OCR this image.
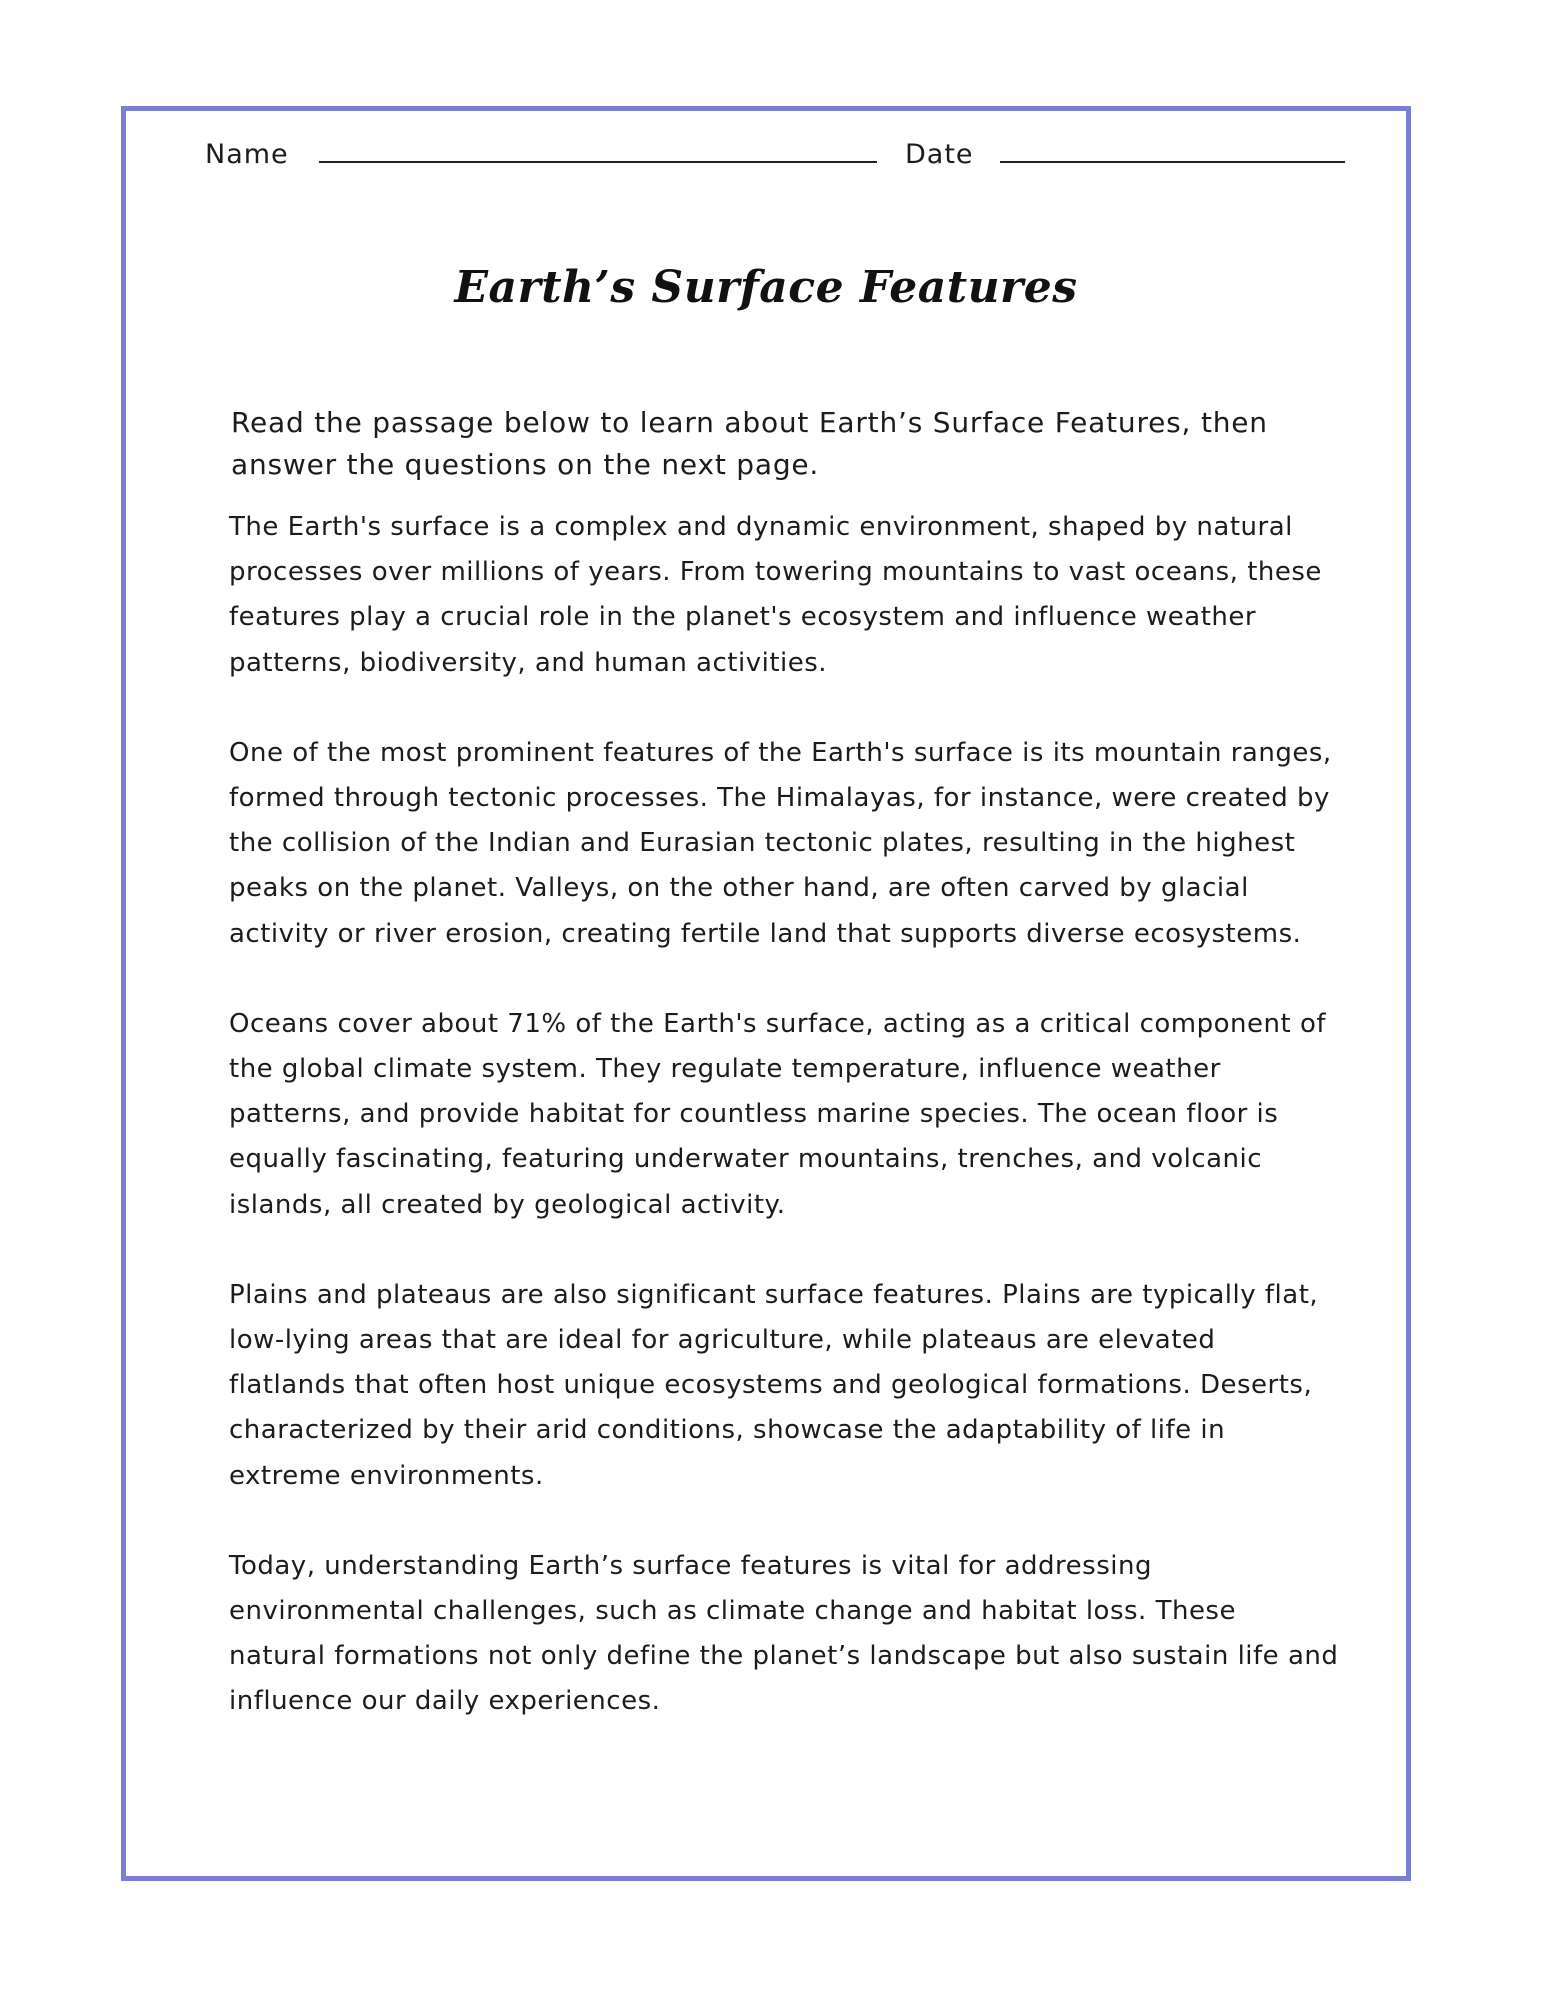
Name	Date
Earth’s Surface Features

Read the passage below to learn about Earth’s Surface Features, then answer the questions on the next page.

The Earth's surface is a complex and dynamic environment, shaped by natural processes over millions of years. From towering mountains to vast oceans, these features play a crucial role in the planet's ecosystem and influence weather patterns, biodiversity, and human activities.

One of the most prominent features of the Earth's surface is its mountain ranges, formed through tectonic processes. The Himalayas, for instance, were created by the collision of the Indian and Eurasian tectonic plates, resulting in the highest peaks on the planet. Valleys, on the other hand, are often carved by glacial activity or river erosion, creating fertile land that supports diverse ecosystems.

Oceans cover about 71% of the Earth's surface, acting as a critical component of the global climate system. They regulate temperature, influence weather patterns, and provide habitat for countless marine species. The ocean floor is equally fascinating, featuring underwater mountains, trenches, and volcanic islands, all created by geological activity.

Plains and plateaus are also significant surface features. Plains are typically flat, low-lying areas that are ideal for agriculture, while plateaus are elevated flatlands that often host unique ecosystems and geological formations. Deserts, characterized by their arid conditions, showcase the adaptability of life in extreme environments.

Today, understanding Earth’s surface features is vital for addressing environmental challenges, such as climate change and habitat loss. These natural formations not only define the planet’s landscape but also sustain life and influence our daily experiences.
